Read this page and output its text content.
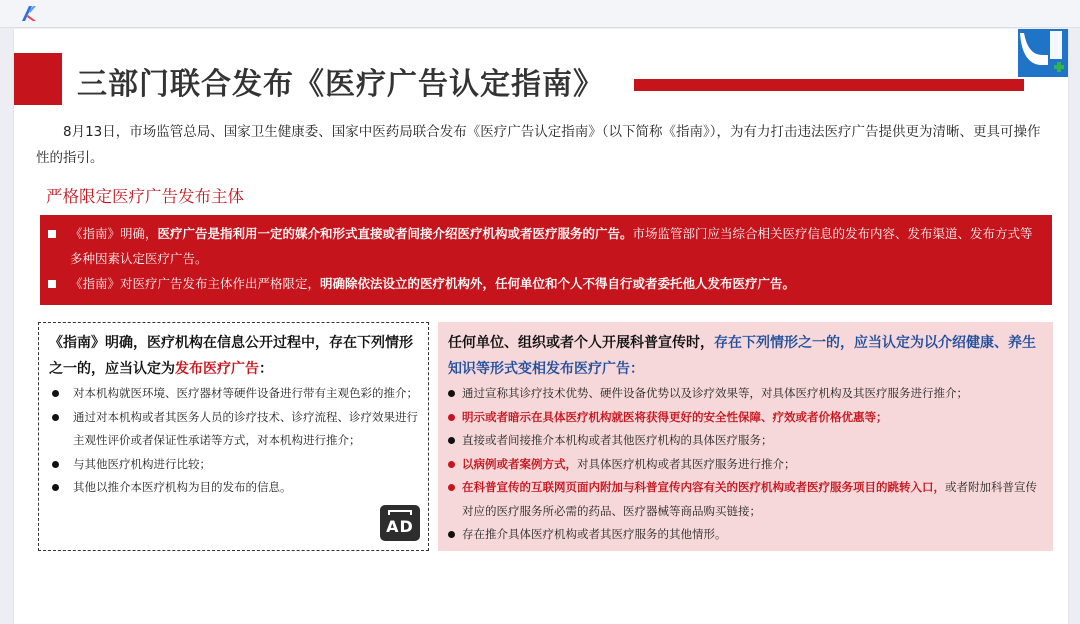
三部门联合发布《医疗广告认定指南》

8月13日，市场监管总局、国家卫生健康委、国家中医药局联合发布《医疗广告认定指南》（以下简称《指南》），为有力打击违法医疗广告提供更为清晰、更具可操作性的指引。

严格限定医疗广告发布主体
《指南》明确，医疗广告是指利用一定的媒介和形式直接或者间接介绍医疗机构或者医疗服务的广告。市场监管部门应当综合相关医疗信息的发布内容、发布渠道、发布方式等多种因素认定医疗广告。
《指南》对医疗广告发布主体作出严格限定，明确除依法设立的医疗机构外，任何单位和个人不得自行或者委托他人发布医疗广告。
《指南》明确，医疗机构在信息公开过程中，存在下列情形之一的，应当认定为发布医疗广告：
对本机构就医环境、医疗器材等硬件设备进行带有主观色彩的推介；
通过对本机构或者其医务人员的诊疗技术、诊疗流程、诊疗效果进行主观性评价或者保证性承诺等方式，对本机构进行推介；
与其他医疗机构进行比较；
其他以推介本医疗机构为目的发布的信息。
AD
任何单位、组织或者个人开展科普宣传时，存在下列情形之一的，应当认定为以介绍健康、养生知识等形式变相发布医疗广告：
通过宣称其诊疗技术优势、硬件设备优势以及诊疗效果等，对具体医疗机构及其医疗服务进行推介；
明示或者暗示在具体医疗机构就医将获得更好的安全性保障、疗效或者价格优惠等；
直接或者间接推介本机构或者其他医疗机构的具体医疗服务；
以病例或者案例方式，对具体医疗机构或者其医疗服务进行推介；
在科普宣传的互联网页面内附加与科普宣传内容有关的医疗机构或者医疗服务项目的跳转入口，或者附加科普宣传对应的医疗服务所必需的药品、医疗器械等商品购买链接；
存在推介具体医疗机构或者其医疗服务的其他情形。
